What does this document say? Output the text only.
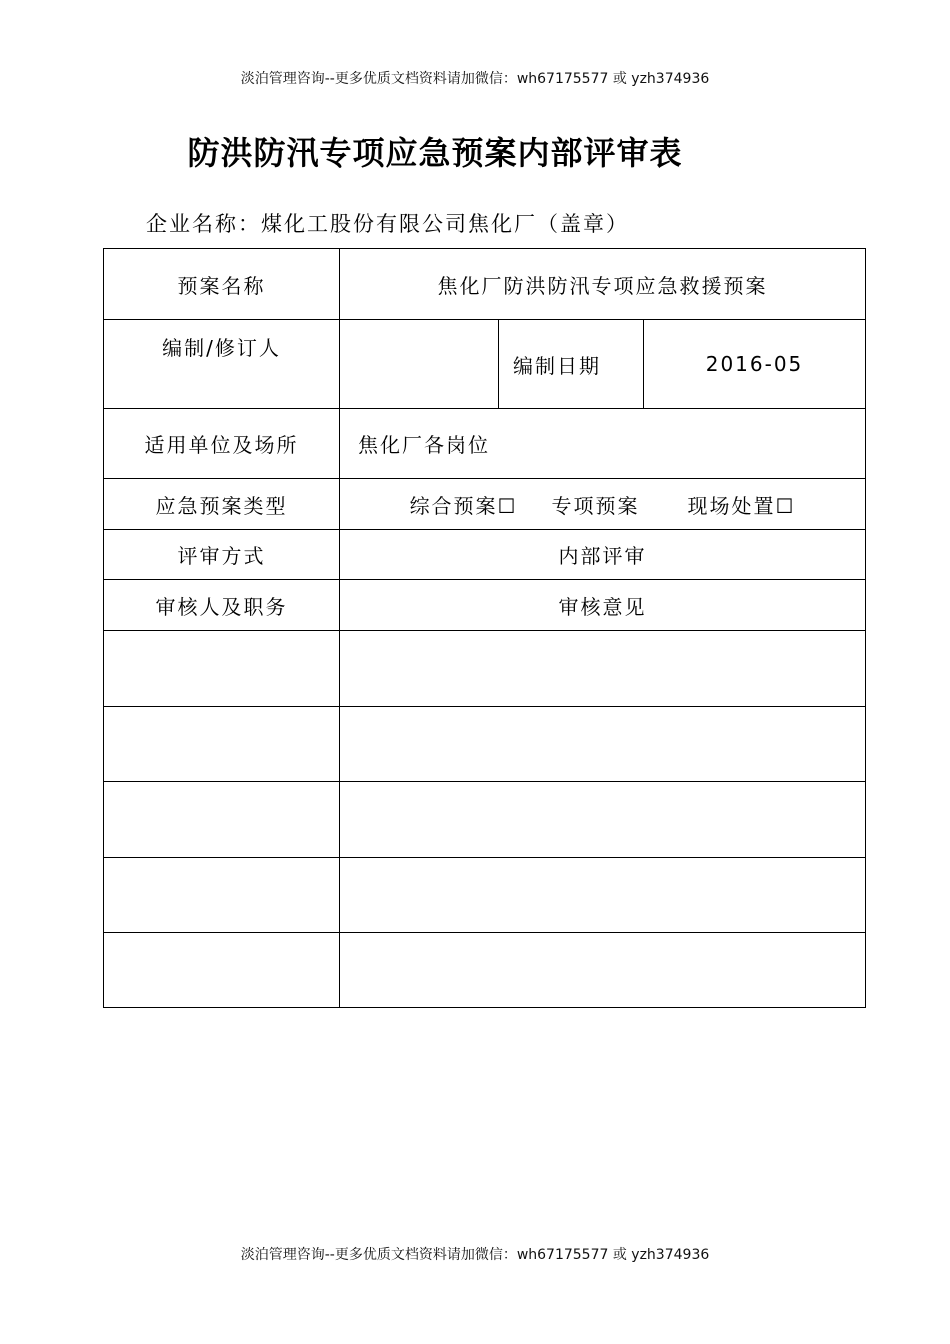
淡泊管理咨询--更多优质文档资料请加微信：wh67175577 或 yzh374936
防洪防汛专项应急预案内部评审表
企业名称：煤化工股份有限公司焦化厂（盖章）
预案名称	焦化厂防洪防汛专项应急救援预案		
编制/修订人		编制日期	2016-05
适用单位及场所	焦化厂各岗位		
应急预案类型	综合预案☐ 专项预案 现场处置☐		
评审方式	内部评审		
审核人及职务	审核意见		

淡泊管理咨询--更多优质文档资料请加微信：wh67175577 或 yzh374936
